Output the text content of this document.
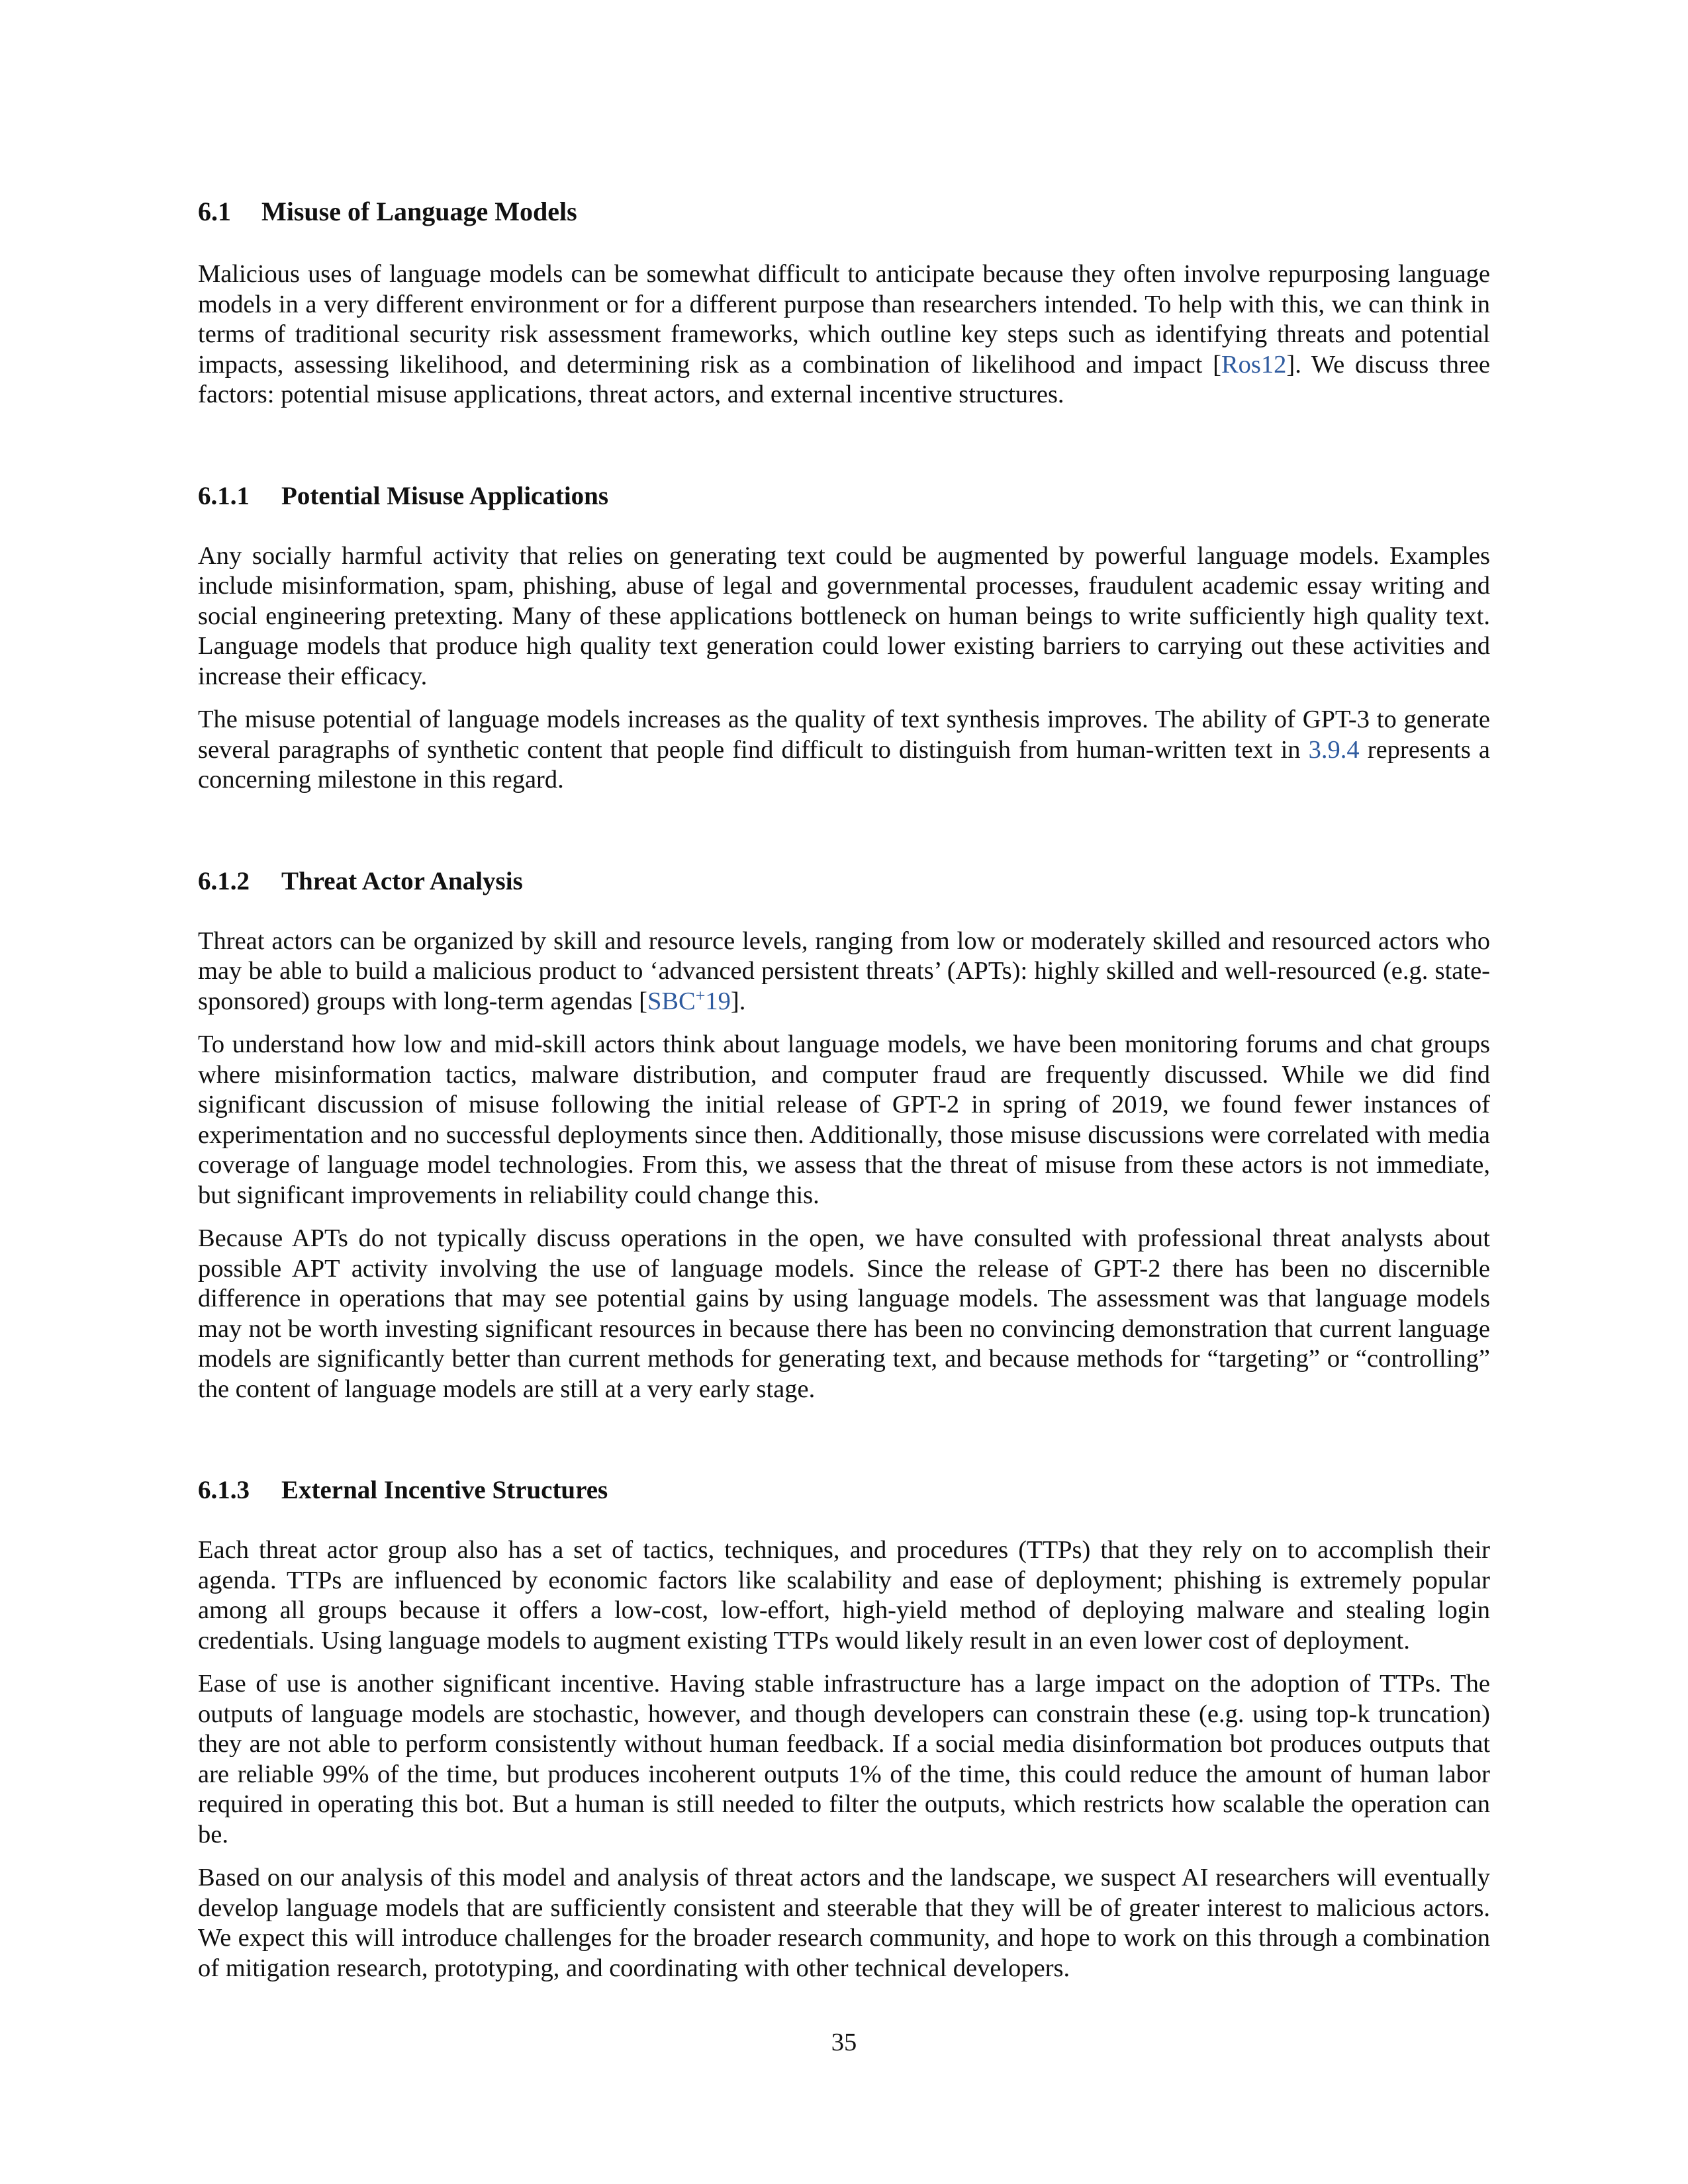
6.1 Misuse of Language Models

Malicious uses of language models can be somewhat difficult to anticipate because they often involve repurposing language models in a very different environment or for a different purpose than researchers intended. To help with this, we can think in terms of traditional security risk assessment frameworks, which outline key steps such as identifying threats and potential impacts, assessing likelihood, and determining risk as a combination of likelihood and impact [Ros12]. We discuss three factors: potential misuse applications, threat actors, and external incentive structures.

6.1.1 Potential Misuse Applications

Any socially harmful activity that relies on generating text could be augmented by powerful language models. Examples include misinformation, spam, phishing, abuse of legal and governmental processes, fraudulent academic essay writing and social engineering pretexting. Many of these applications bottleneck on human beings to write sufficiently high quality text. Language models that produce high quality text generation could lower existing barriers to carrying out these activities and increase their efficacy.

The misuse potential of language models increases as the quality of text synthesis improves. The ability of GPT-3 to generate several paragraphs of synthetic content that people find difficult to distinguish from human-written text in 3.9.4 represents a concerning milestone in this regard.

6.1.2 Threat Actor Analysis

Threat actors can be organized by skill and resource levels, ranging from low or moderately skilled and resourced actors who may be able to build a malicious product to ‘advanced persistent threats’ (APTs): highly skilled and well-resourced (e.g. state-sponsored) groups with long-term agendas [SBC+19].

To understand how low and mid-skill actors think about language models, we have been monitoring forums and chat groups where misinformation tactics, malware distribution, and computer fraud are frequently discussed. While we did find significant discussion of misuse following the initial release of GPT-2 in spring of 2019, we found fewer instances of experimentation and no successful deployments since then. Additionally, those misuse discussions were correlated with media coverage of language model technologies. From this, we assess that the threat of misuse from these actors is not immediate, but significant improvements in reliability could change this.

Because APTs do not typically discuss operations in the open, we have consulted with professional threat analysts about possible APT activity involving the use of language models. Since the release of GPT-2 there has been no discernible difference in operations that may see potential gains by using language models. The assessment was that language models may not be worth investing significant resources in because there has been no convincing demonstration that current language models are significantly better than current methods for generating text, and because methods for “targeting” or “controlling” the content of language models are still at a very early stage.

6.1.3 External Incentive Structures

Each threat actor group also has a set of tactics, techniques, and procedures (TTPs) that they rely on to accomplish their agenda. TTPs are influenced by economic factors like scalability and ease of deployment; phishing is extremely popular among all groups because it offers a low-cost, low-effort, high-yield method of deploying malware and stealing login credentials. Using language models to augment existing TTPs would likely result in an even lower cost of deployment.

Ease of use is another significant incentive. Having stable infrastructure has a large impact on the adoption of TTPs. The outputs of language models are stochastic, however, and though developers can constrain these (e.g. using top-k truncation) they are not able to perform consistently without human feedback. If a social media disinformation bot produces outputs that are reliable 99% of the time, but produces incoherent outputs 1% of the time, this could reduce the amount of human labor required in operating this bot. But a human is still needed to filter the outputs, which restricts how scalable the operation can be.

Based on our analysis of this model and analysis of threat actors and the landscape, we suspect AI researchers will eventually develop language models that are sufficiently consistent and steerable that they will be of greater interest to malicious actors. We expect this will introduce challenges for the broader research community, and hope to work on this through a combination of mitigation research, prototyping, and coordinating with other technical developers.

35
